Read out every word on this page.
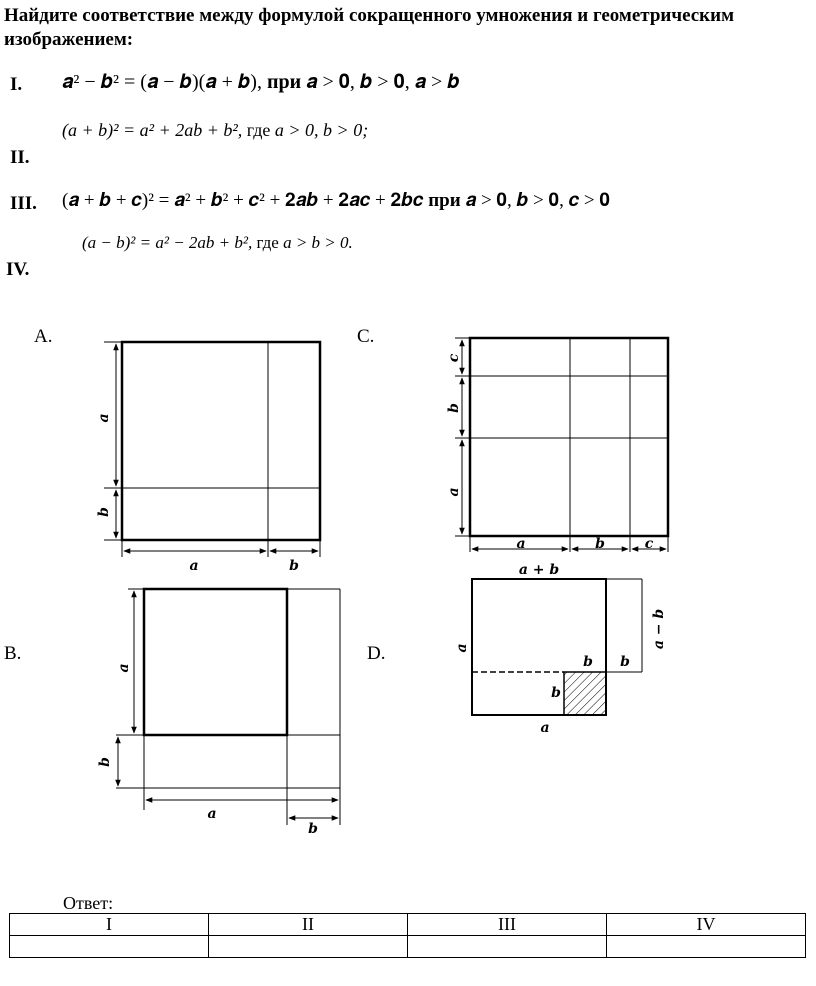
Найдите соответствие между формулой сокращенного умножения и геометрическим изображением:
I. 𝒂² − 𝒃² = (𝒂 − 𝒃)(𝒂 + 𝒃), при 𝒂 > 𝟎, 𝒃 > 𝟎, 𝒂 > 𝒃
(a + b)² = a² + 2ab + b², где a > 0, b > 0;
II.
III. (𝒂 + 𝒃 + 𝒄)² = 𝒂² + 𝒃² + 𝒄² + 𝟐𝒂𝒃 + 𝟐𝒂𝒄 + 𝟐𝒃𝒄 при 𝒂 > 𝟎, 𝒃 > 𝟎, 𝒄 > 𝟎
(a − b)² = a² − 2ab + b², где a > b > 0.
IV.
A.	C.
B.	D.
a
b
a	b
a
b
a
b
c
b
a
a	b	c
a + b
a − b
a
b b
b
a
Ответ:
I	II	III	IV
